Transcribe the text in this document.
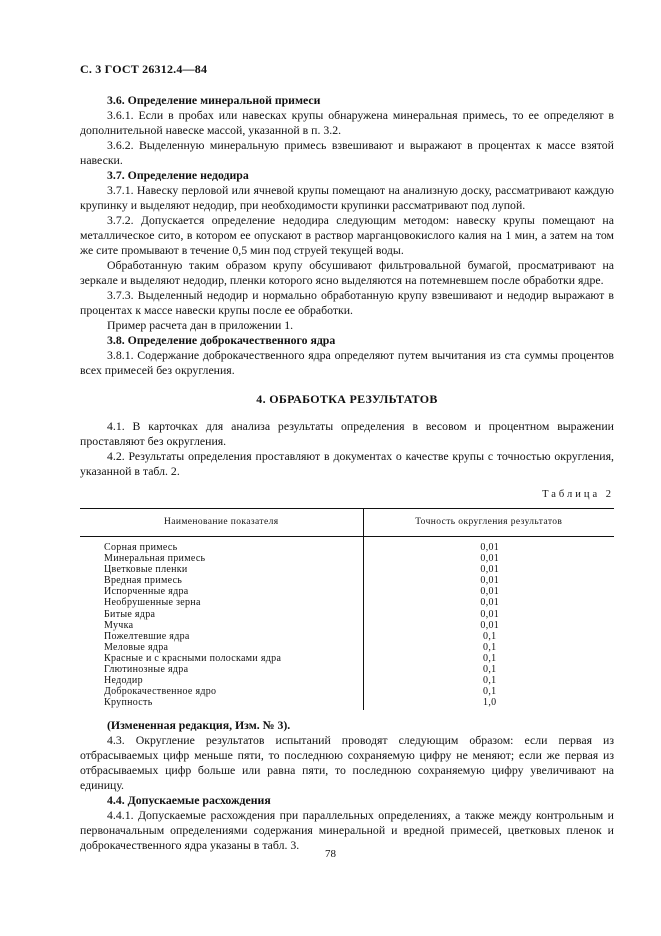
С. 3 ГОСТ 26312.4—84

3.6. Определение минеральной примеси

3.6.1. Если в пробах или навесках крупы обнаружена минеральная примесь, то ее определяют в дополнительной навеске массой, указанной в п. 3.2.

3.6.2. Выделенную минеральную примесь взвешивают и выражают в процентах к массе взятой навески.

3.7. Определение недодира

3.7.1. Навеску перловой или ячневой крупы помещают на анализную доску, рассматривают каждую крупинку и выделяют недодир, при необходимости крупинки рассматривают под лупой.

3.7.2. Допускается определение недодира следующим методом: навеску крупы помещают на металлическое сито, в котором ее опускают в раствор марганцовокислого калия на 1 мин, а затем на том же сите промывают в течение 0,5 мин под струей текущей воды.

Обработанную таким образом крупу обсушивают фильтровальной бумагой, просматривают на зеркале и выделяют недодир, пленки которого ясно выделяются на потемневшем после обработки ядре.

3.7.3. Выделенный недодир и нормально обработанную крупу взвешивают и недодир выражают в процентах к массе навески крупы после ее обработки.

Пример расчета дан в приложении 1.

3.8. Определение доброкачественного ядра

3.8.1. Содержание доброкачественного ядра определяют путем вычитания из ста суммы процентов всех примесей без округления.

4. ОБРАБОТКА РЕЗУЛЬТАТОВ

4.1. В карточках для анализа результаты определения в весовом и процентном выражении проставляют без округления.

4.2. Результаты определения проставляют в документах о качестве крупы с точностью округления, указанной в табл. 2.

Таблица 2
Наименование показателя	Точность округления результатов
Сорная примесь	0,01
Минеральная примесь	0,01
Цветковые пленки	0,01
Вредная примесь	0,01
Испорченные ядра	0,01
Необрушенные зерна	0,01
Битые ядра	0,01
Мучка	0,01
Пожелтевшие ядра	0,1
Меловые ядра	0,1
Красные и с красными полосками ядра	0,1
Глютинозные ядра	0,1
Недодир	0,1
Доброкачественное ядро	0,1
Крупность	1,0

(Измененная редакция, Изм. № 3).

4.3. Округление результатов испытаний проводят следующим образом: если первая из отбрасываемых цифр меньше пяти, то последнюю сохраняемую цифру не меняют; если же первая из отбрасываемых цифр больше или равна пяти, то последнюю сохраняемую цифру увеличивают на единицу.

4.4. Допускаемые расхождения

4.4.1. Допускаемые расхождения при параллельных определениях, а также между контрольным и первоначальным определениями содержания минеральной и вредной примесей, цветковых пленок и доброкачественного ядра указаны в табл. 3.

78
